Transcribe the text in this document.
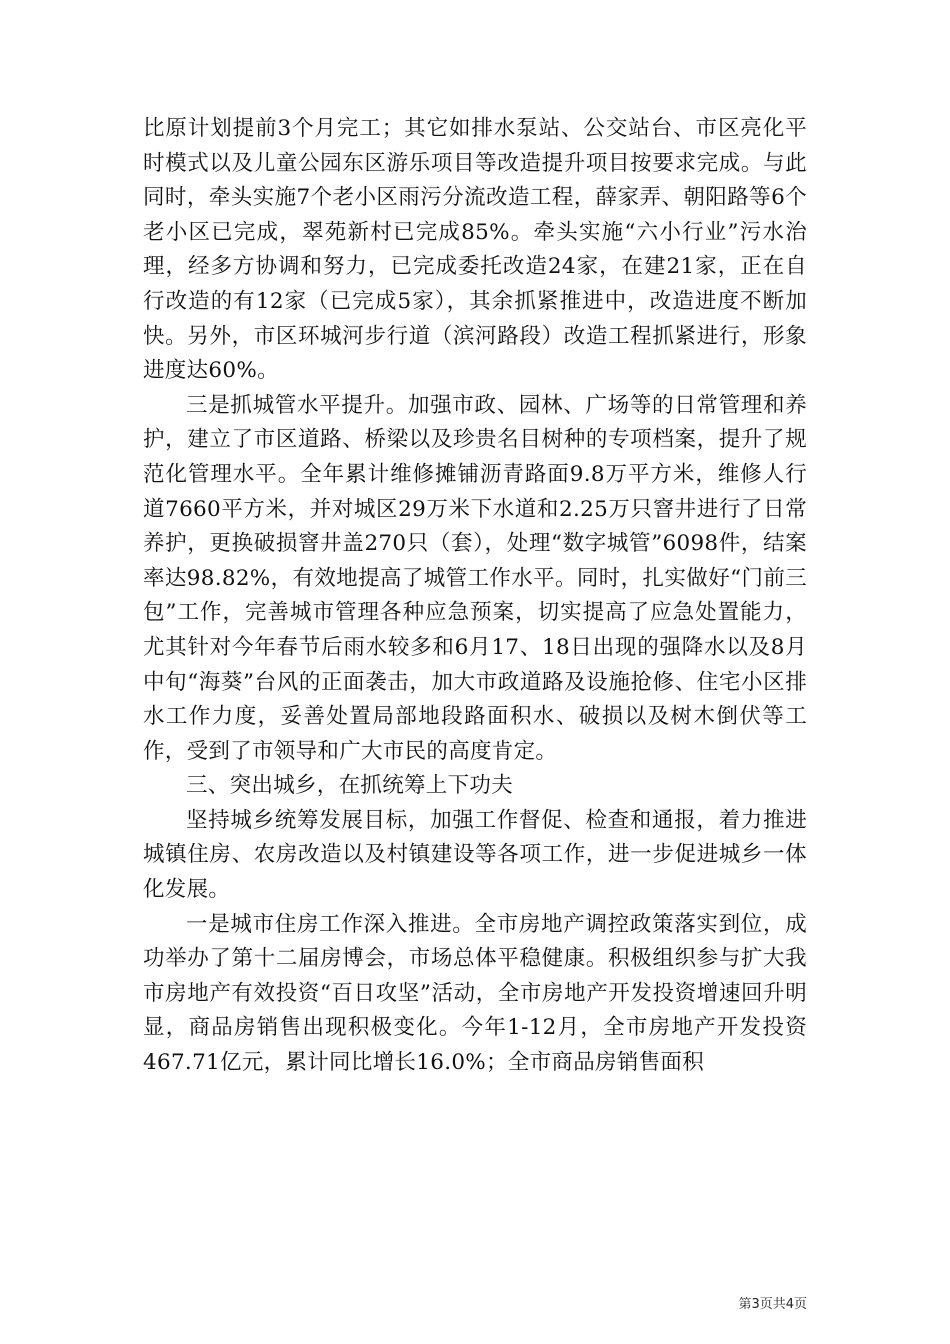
比原计划提前3个月完工；其它如排水泵站、公交站台、市区亮化平时模式以及儿童公园东区游乐项目等改造提升项目按要求完成。与此同时，牵头实施7个老小区雨污分流改造工程，薛家弄、朝阳路等6个老小区已完成，翠苑新村已完成85%。牵头实施“六小行业”污水治理，经多方协调和努力，已完成委托改造24家，在建21家，正在自行改造的有12家（已完成5家），其余抓紧推进中，改造进度不断加快。另外，市区环城河步行道（滨河路段）改造工程抓紧进行，形象进度达60%。

三是抓城管水平提升。加强市政、园林、广场等的日常管理和养护，建立了市区道路、桥梁以及珍贵名目树种的专项档案，提升了规范化管理水平。全年累计维修摊铺沥青路面9.8万平方米，维修人行道7660平方米，并对城区29万米下水道和2.25万只窨井进行了日常养护，更换破损窨井盖270只（套），处理“数字城管”6098件，结案率达98.82%，有效地提高了城管工作水平。同时，扎实做好“门前三包”工作，完善城市管理各种应急预案，切实提高了应急处置能力，尤其针对今年春节后雨水较多和6月17、18日出现的强降水以及8月中旬“海葵”台风的正面袭击，加大市政道路及设施抢修、住宅小区排水工作力度，妥善处置局部地段路面积水、破损以及树木倒伏等工作，受到了市领导和广大市民的高度肯定。

三、突出城乡，在抓统筹上下功夫

坚持城乡统筹发展目标，加强工作督促、检查和通报，着力推进城镇住房、农房改造以及村镇建设等各项工作，进一步促进城乡一体化发展。

一是城市住房工作深入推进。全市房地产调控政策落实到位，成功举办了第十二届房博会，市场总体平稳健康。积极组织参与扩大我市房地产有效投资“百日攻坚”活动，全市房地产开发投资增速回升明显，商品房销售出现积极变化。今年1-12月，全市房地产开发投资467.71亿元，累计同比增长16.0%；全市商品房销售面积

第3页共4页
